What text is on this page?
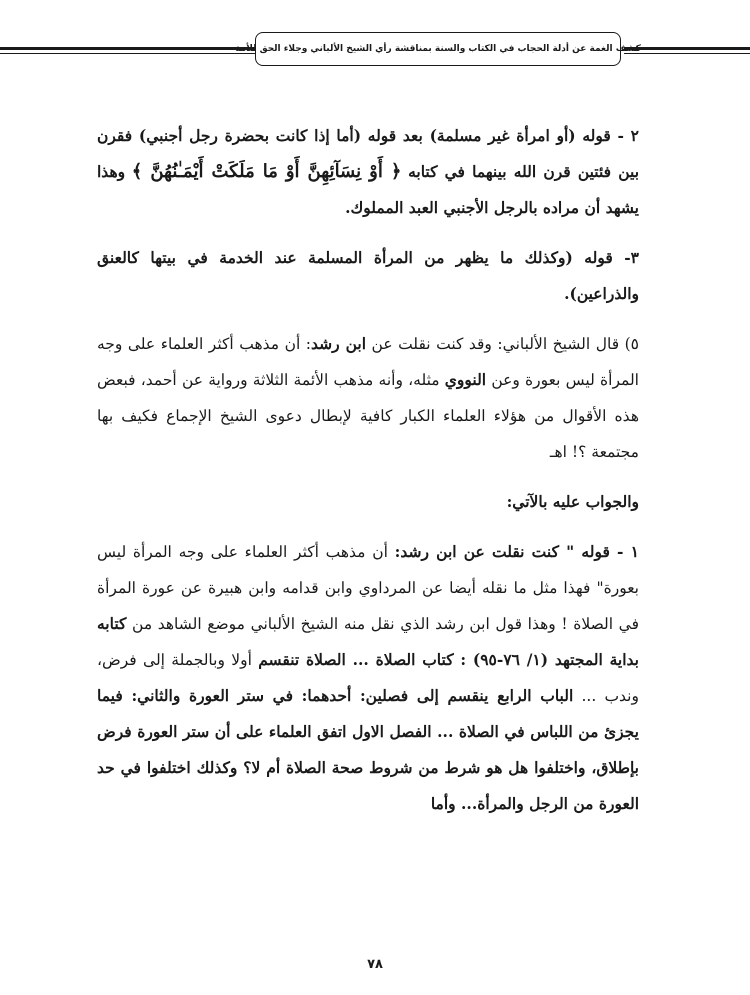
كشف الغمة عن أدلة الحجاب في الكتاب والسنة بمناقشة رأي الشيخ الألباني وجلاء الحق للأمة

٢ - قوله (أو امرأة غير مسلمة) بعد قوله (أما إذا كانت بحضرة رجل أجنبي) فقرن بين فئتين قرن الله بينهما في كتابه ﴿ أَوْ نِسَآئِهِنَّ أَوْ مَا مَلَكَتْ أَيْمَـٰنُهُنَّ ﴾ وهذا يشهد أن مراده بالرجل الأجنبي العبد المملوك.

٣- قوله (وكذلك ما يظهر من المرأة المسلمة عند الخدمة في بيتها كالعنق والذراعين).

٥) قال الشيخ الألباني: وقد كنت نقلت عن ابن رشد: أن مذهب أكثر العلماء على وجه المرأة ليس بعورة وعن النووي مثله، وأنه مذهب الأئمة الثلاثة ورواية عن أحمد، فبعض هذه الأقوال من هؤلاء العلماء الكبار كافية لإبطال دعوى الشيخ الإجماع فكيف بها مجتمعة ؟! اهـ

والجواب عليه بالآتي:

١ - قوله " كنت نقلت عن ابن رشد: أن مذهب أكثر العلماء على وجه المرأة ليس بعورة" فهذا مثل ما نقله أيضا عن المرداوي وابن قدامه وابن هبيرة عن عورة المرأة في الصلاة ! وهذا قول ابن رشد الذي نقل منه الشيخ الألباني موضع الشاهد من كتابه بداية المجتهد (١/ ٧٦-٩٥) : كتاب الصلاة ... الصلاة تنقسم أولا وبالجملة إلى فرض، وندب ... الباب الرابع ينقسم إلى فصلين: أحدهما: في ستر العورة والثاني: فيما يجزئ من اللباس في الصلاة ... الفصل الاول اتفق العلماء على أن ستر العورة فرض بإطلاق، واختلفوا هل هو شرط من شروط صحة الصلاة أم لا؟ وكذلك اختلفوا في حد العورة من الرجل والمرأة... وأما

٧٨
